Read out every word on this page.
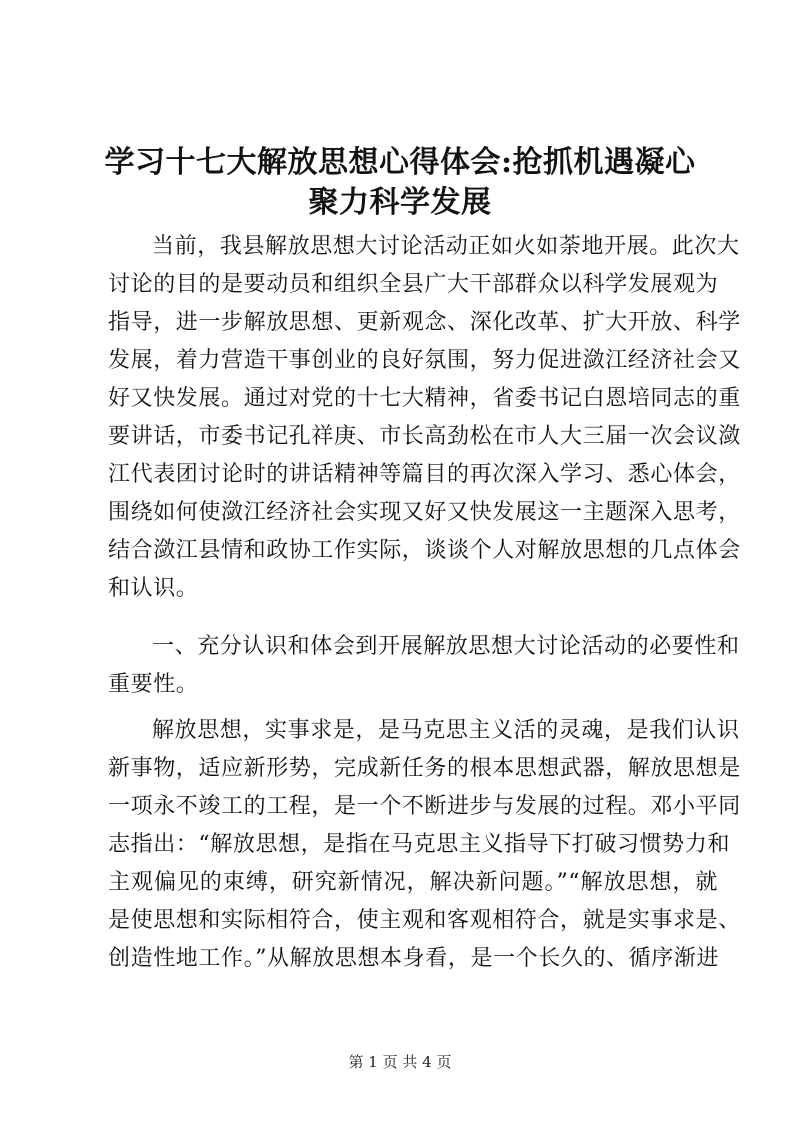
学习十七大解放思想心得体会:抢抓机遇凝心
聚力科学发展

当前，我县解放思想大讨论活动正如火如荼地开展。此次大

讨论的目的是要动员和组织全县广大干部群众以科学发展观为

指导，进一步解放思想、更新观念、深化改革、扩大开放、科学

发展，着力营造干事创业的良好氛围，努力促进潋江经济社会又

好又快发展。通过对党的十七大精神，省委书记白恩培同志的重

要讲话，市委书记孔祥庚、市长高劲松在市人大三届一次会议潋

江代表团讨论时的讲话精神等篇目的再次深入学习、悉心体会，

围绕如何使潋江经济社会实现又好又快发展这一主题深入思考，

结合潋江县情和政协工作实际，谈谈个人对解放思想的几点体会

和认识。

一、充分认识和体会到开展解放思想大讨论活动的必要性和

重要性。

解放思想，实事求是，是马克思主义活的灵魂，是我们认识

新事物，适应新形势，完成新任务的根本思想武器，解放思想是

一项永不竣工的工程，是一个不断进步与发展的过程。邓小平同

志指出：“解放思想，是指在马克思主义指导下打破习惯势力和

主观偏见的束缚，研究新情况，解决新问题。”“解放思想，就

是使思想和实际相符合，使主观和客观相符合，就是实事求是、

创造性地工作。”从解放思想本身看，是一个长久的、循序渐进

第 1 页 共 4 页
